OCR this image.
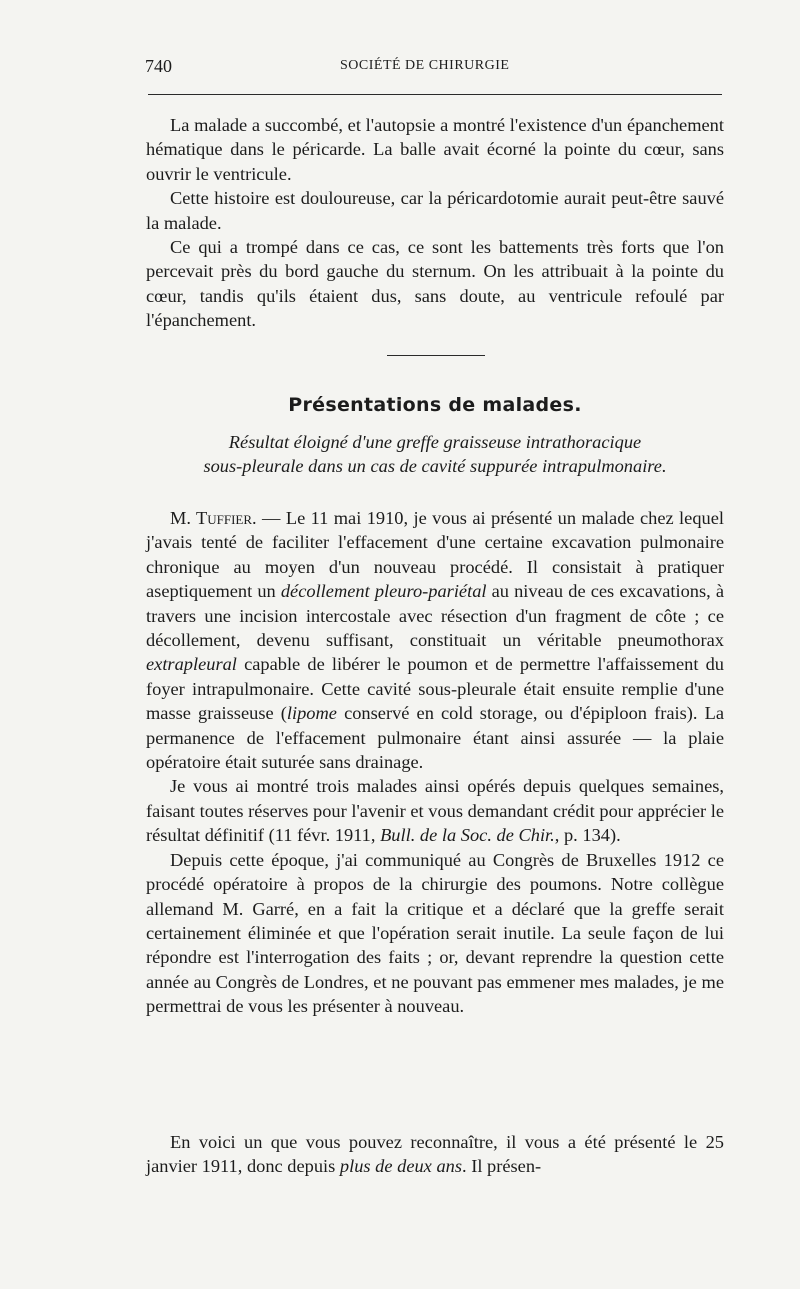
740	SOCIÉTÉ DE CHIRURGIE

La malade a succombé, et l'autopsie a montré l'existence d'un épanchement hématique dans le péricarde. La balle avait écorné la pointe du cœur, sans ouvrir le ventricule.

Cette histoire est douloureuse, car la péricardotomie aurait peut-être sauvé la malade.

Ce qui a trompé dans ce cas, ce sont les battements très forts que l'on percevait près du bord gauche du sternum. On les attribuait à la pointe du cœur, tandis qu'ils étaient dus, sans doute, au ventricule refoulé par l'épanchement.

Présentations de malades.
Résultat éloigné d'une greffe graisseuse intrathoracique
sous-pleurale dans un cas de cavité suppurée intrapulmonaire.

M. Tuffier. — Le 11 mai 1910, je vous ai présenté un malade chez lequel j'avais tenté de faciliter l'effacement d'une certaine excavation pulmonaire chronique au moyen d'un nouveau procédé. Il consistait à pratiquer aseptiquement un décollement pleuro-pariétal au niveau de ces excavations, à travers une incision intercostale avec résection d'un fragment de côte ; ce décollement, devenu suffisant, constituait un véritable pneumothorax extrapleural capable de libérer le poumon et de permettre l'affaissement du foyer intrapulmonaire. Cette cavité sous-pleurale était ensuite remplie d'une masse graisseuse (lipome conservé en cold storage, ou d'épiploon frais). La permanence de l'effacement pulmonaire étant ainsi assurée — la plaie opératoire était suturée sans drainage.

Je vous ai montré trois malades ainsi opérés depuis quelques semaines, faisant toutes réserves pour l'avenir et vous demandant crédit pour apprécier le résultat définitif (11 févr. 1911, Bull. de la Soc. de Chir., p. 134).

Depuis cette époque, j'ai communiqué au Congrès de Bruxelles 1912 ce procédé opératoire à propos de la chirurgie des poumons. Notre collègue allemand M. Garré, en a fait la critique et a déclaré que la greffe serait certainement éliminée et que l'opération serait inutile. La seule façon de lui répondre est l'interrogation des faits ; or, devant reprendre la question cette année au Congrès de Londres, et ne pouvant pas emmener mes malades, je me permettrai de vous les présenter à nouveau.

En voici un que vous pouvez reconnaître, il vous a été présenté le 25 janvier 1911, donc depuis plus de deux ans. Il présen-
